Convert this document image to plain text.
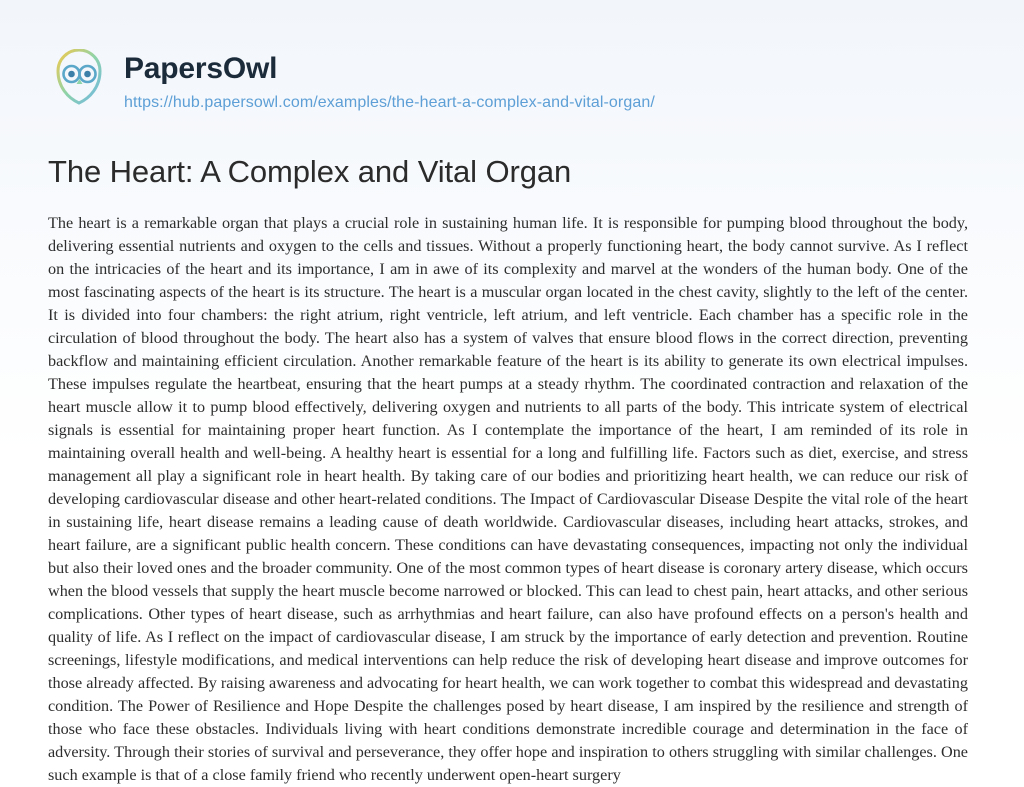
PapersOwl
https://hub.papersowl.com/examples/the-heart-a-complex-and-vital-organ/
The Heart: A Complex and Vital Organ

The heart is a remarkable organ that plays a crucial role in sustaining human life. It is responsible for pumping blood throughout the body, delivering essential nutrients and oxygen to the cells and tissues. Without a properly functioning heart, the body cannot survive. As I reflect on the intricacies of the heart and its importance, I am in awe of its complexity and marvel at the wonders of the human body. One of the most fascinating aspects of the heart is its structure. The heart is a muscular organ located in the chest cavity, slightly to the left of the center. It is divided into four chambers: the right atrium, right ventricle, left atrium, and left ventricle. Each chamber has a specific role in the circulation of blood throughout the body. The heart also has a system of valves that ensure blood flows in the correct direction, preventing backflow and maintaining efficient circulation. Another remarkable feature of the heart is its ability to generate its own electrical impulses. These impulses regulate the heartbeat, ensuring that the heart pumps at a steady rhythm. The coordinated contraction and relaxation of the heart muscle allow it to pump blood effectively, delivering oxygen and nutrients to all parts of the body. This intricate system of electrical signals is essential for maintaining proper heart function. As I contemplate the importance of the heart, I am reminded of its role in maintaining overall health and well-being. A healthy heart is essential for a long and fulfilling life. Factors such as diet, exercise, and stress management all play a significant role in heart health. By taking care of our bodies and prioritizing heart health, we can reduce our risk of developing cardiovascular disease and other heart-related conditions. The Impact of Cardiovascular Disease Despite the vital role of the heart in sustaining life, heart disease remains a leading cause of death worldwide. Cardiovascular diseases, including heart attacks, strokes, and heart failure, are a significant public health concern. These conditions can have devastating consequences, impacting not only the individual but also their loved ones and the broader community. One of the most common types of heart disease is coronary artery disease, which occurs when the blood vessels that supply the heart muscle become narrowed or blocked. This can lead to chest pain, heart attacks, and other serious complications. Other types of heart disease, such as arrhythmias and heart failure, can also have profound effects on a person's health and quality of life. As I reflect on the impact of cardiovascular disease, I am struck by the importance of early detection and prevention. Routine screenings, lifestyle modifications, and medical interventions can help reduce the risk of developing heart disease and improve outcomes for those already affected. By raising awareness and advocating for heart health, we can work together to combat this widespread and devastating condition. The Power of Resilience and Hope Despite the challenges posed by heart disease, I am inspired by the resilience and strength of those who face these obstacles. Individuals living with heart conditions demonstrate incredible courage and determination in the face of adversity. Through their stories of survival and perseverance, they offer hope and inspiration to others struggling with similar challenges. One such example is that of a close family friend who recently underwent open-heart surgery
